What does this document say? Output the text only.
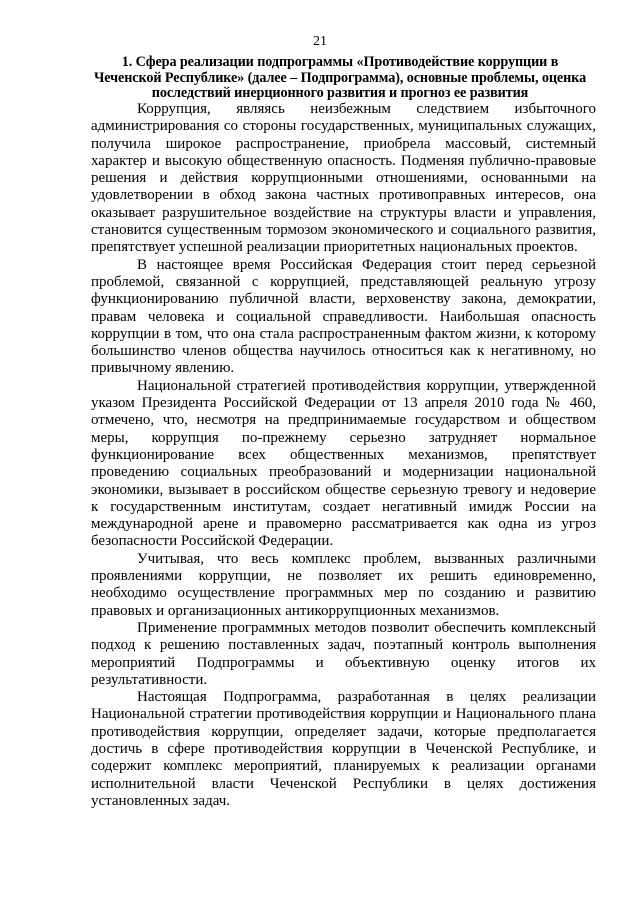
21
1. Сфера реализации подпрограммы «Противодействие коррупции в Чеченской Республике» (далее – Подпрограмма), основные проблемы, оценка последствий инерционного развития и прогноз ее развития

Коррупция, являясь неизбежным следствием избыточного администрирования со стороны государственных, муниципальных служащих, получила широкое распространение, приобрела массовый, системный характер и высокую общественную опасность. Подменяя публично-правовые решения и действия коррупционными отношениями, основанными на удовлетворении в обход закона частных противоправных интересов, она оказывает разрушительное воздействие на структуры власти и управления, становится существенным тормозом экономического и социального развития, препятствует успешной реализации приоритетных национальных проектов.

В настоящее время Российская Федерация стоит перед серьезной проблемой, связанной с коррупцией, представляющей реальную угрозу функционированию публичной власти, верховенству закона, демократии, правам человека и социальной справедливости. Наибольшая опасность коррупции в том, что она стала распространенным фактом жизни, к которому большинство членов общества научилось относиться как к негативному, но привычному явлению.

Национальной стратегией противодействия коррупции, утвержденной указом Президента Российской Федерации от 13 апреля 2010 года № 460, отмечено, что, несмотря на предпринимаемые государством и обществом меры, коррупция по-прежнему серьезно затрудняет нормальное функционирование всех общественных механизмов, препятствует проведению социальных преобразований и модернизации национальной экономики, вызывает в российском обществе серьезную тревогу и недоверие к государственным институтам, создает негативный имидж России на международной арене и правомерно рассматривается как одна из угроз безопасности Российской Федерации.

Учитывая, что весь комплекс проблем, вызванных различными проявлениями коррупции, не позволяет их решить единовременно, необходимо осуществление программных мер по созданию и развитию правовых и организационных антикоррупционных механизмов.

Применение программных методов позволит обеспечить комплексный подход к решению поставленных задач, поэтапный контроль выполнения мероприятий Подпрограммы и объективную оценку итогов их результативности.

Настоящая Подпрограмма, разработанная в целях реализации Национальной стратегии противодействия коррупции и Национального плана противодействия коррупции, определяет задачи, которые предполагается достичь в сфере противодействия коррупции в Чеченской Республике, и содержит комплекс мероприятий, планируемых к реализации органами исполнительной власти Чеченской Республики в целях достижения установленных задач.
